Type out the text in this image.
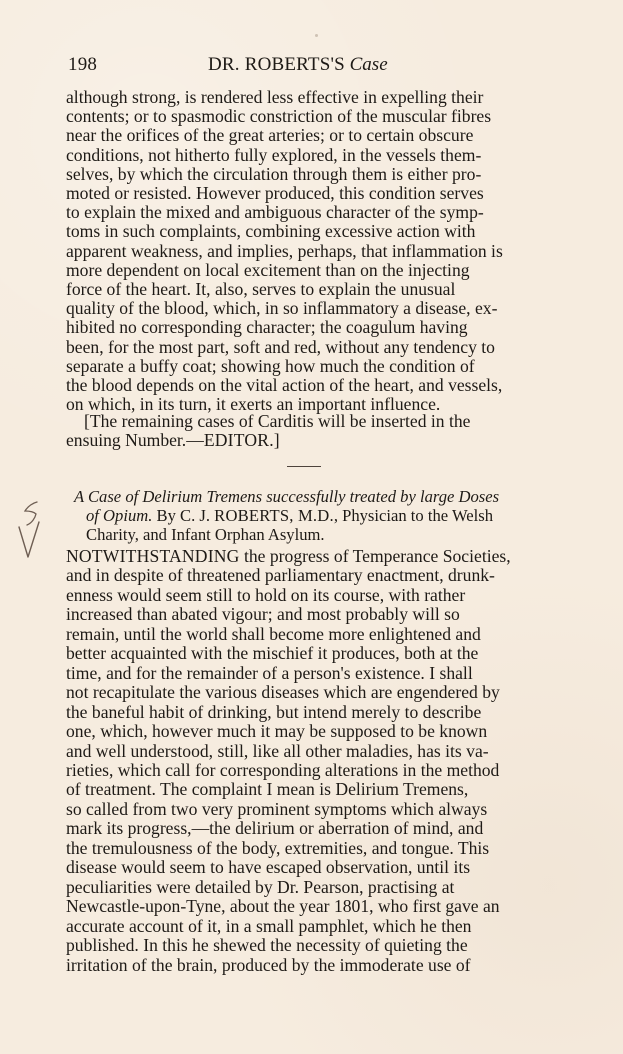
198	DR. ROBERTS'S Case
although strong, is rendered less effective in expelling their
contents; or to spasmodic constriction of the muscular fibres
near the orifices of the great arteries; or to certain obscure
conditions, not hitherto fully explored, in the vessels them-
selves, by which the circulation through them is either pro-
moted or resisted. However produced, this condition serves
to explain the mixed and ambiguous character of the symp-
toms in such complaints, combining excessive action with
apparent weakness, and implies, perhaps, that inflammation is
more dependent on local excitement than on the injecting
force of the heart. It, also, serves to explain the unusual
quality of the blood, which, in so inflammatory a disease, ex-
hibited no corresponding character; the coagulum having
been, for the most part, soft and red, without any tendency to
separate a buffy coat; showing how much the condition of
the blood depends on the vital action of the heart, and vessels,
on which, in its turn, it exerts an important influence.
[The remaining cases of Carditis will be inserted in the
ensuing Number.—EDITOR.]
A Case of Delirium Tremens successfully treated by large Doses
of Opium. By C. J. ROBERTS, M.D., Physician to the Welsh
Charity, and Infant Orphan Asylum.
NOTWITHSTANDING the progress of Temperance Societies,
and in despite of threatened parliamentary enactment, drunk-
enness would seem still to hold on its course, with rather
increased than abated vigour; and most probably will so
remain, until the world shall become more enlightened and
better acquainted with the mischief it produces, both at the
time, and for the remainder of a person's existence. I shall
not recapitulate the various diseases which are engendered by
the baneful habit of drinking, but intend merely to describe
one, which, however much it may be supposed to be known
and well understood, still, like all other maladies, has its va-
rieties, which call for corresponding alterations in the method
of treatment. The complaint I mean is Delirium Tremens,
so called from two very prominent symptoms which always
mark its progress,—the delirium or aberration of mind, and
the tremulousness of the body, extremities, and tongue. This
disease would seem to have escaped observation, until its
peculiarities were detailed by Dr. Pearson, practising at
Newcastle-upon-Tyne, about the year 1801, who first gave an
accurate account of it, in a small pamphlet, which he then
published. In this he shewed the necessity of quieting the
irritation of the brain, produced by the immoderate use of
